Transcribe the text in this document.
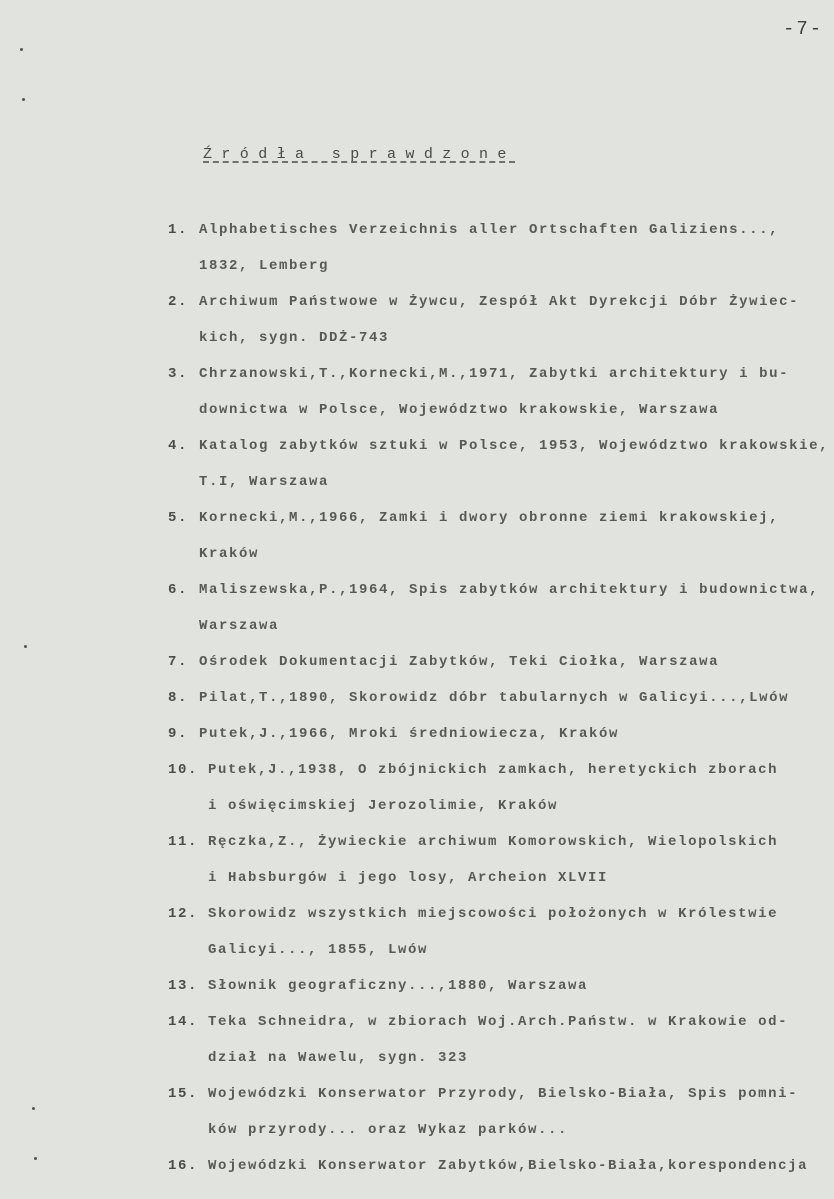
-7-
Źródła sprawdzone
1. Alphabetisches Verzeichnis aller Ortschaften Galiziens...,
1832, Lemberg
2. Archiwum Państwowe w Żywcu, Zespół Akt Dyrekcji Dóbr Żywiec-
kich, sygn. DDŻ-743
3. Chrzanowski,T.,Kornecki,M.,1971, Zabytki architektury i bu-
downictwa w Polsce, Województwo krakowskie, Warszawa
4. Katalog zabytków sztuki w Polsce, 1953, Województwo krakowskie,
T.I, Warszawa
5. Kornecki,M.,1966, Zamki i dwory obronne ziemi krakowskiej,
Kraków
6. Maliszewska,P.,1964, Spis zabytków architektury i budownictwa,
Warszawa
7. Ośrodek Dokumentacji Zabytków, Teki Ciołka, Warszawa
8. Pilat,T.,1890, Skorowidz dóbr tabularnych w Galicyi...,Lwów
9. Putek,J.,1966, Mroki średniowiecza, Kraków
10. Putek,J.,1938, O zbójnickich zamkach, heretyckich zborach
i oświęcimskiej Jerozolimie, Kraków
11. Ręczka,Z., Żywieckie archiwum Komorowskich, Wielopolskich
i Habsburgów i jego losy, Archeion XLVII
12. Skorowidz wszystkich miejscowości położonych w Królestwie
Galicyi..., 1855, Lwów
13. Słownik geograficzny...,1880, Warszawa
14. Teka Schneidra, w zbiorach Woj.Arch.Państw. w Krakowie od-
dział na Wawelu, sygn. 323
15. Wojewódzki Konserwator Przyrody, Bielsko-Biała, Spis pomni-
ków przyrody... oraz Wykaz parków...
16. Wojewódzki Konserwator Zabytków,Bielsko-Biała,korespondencja
